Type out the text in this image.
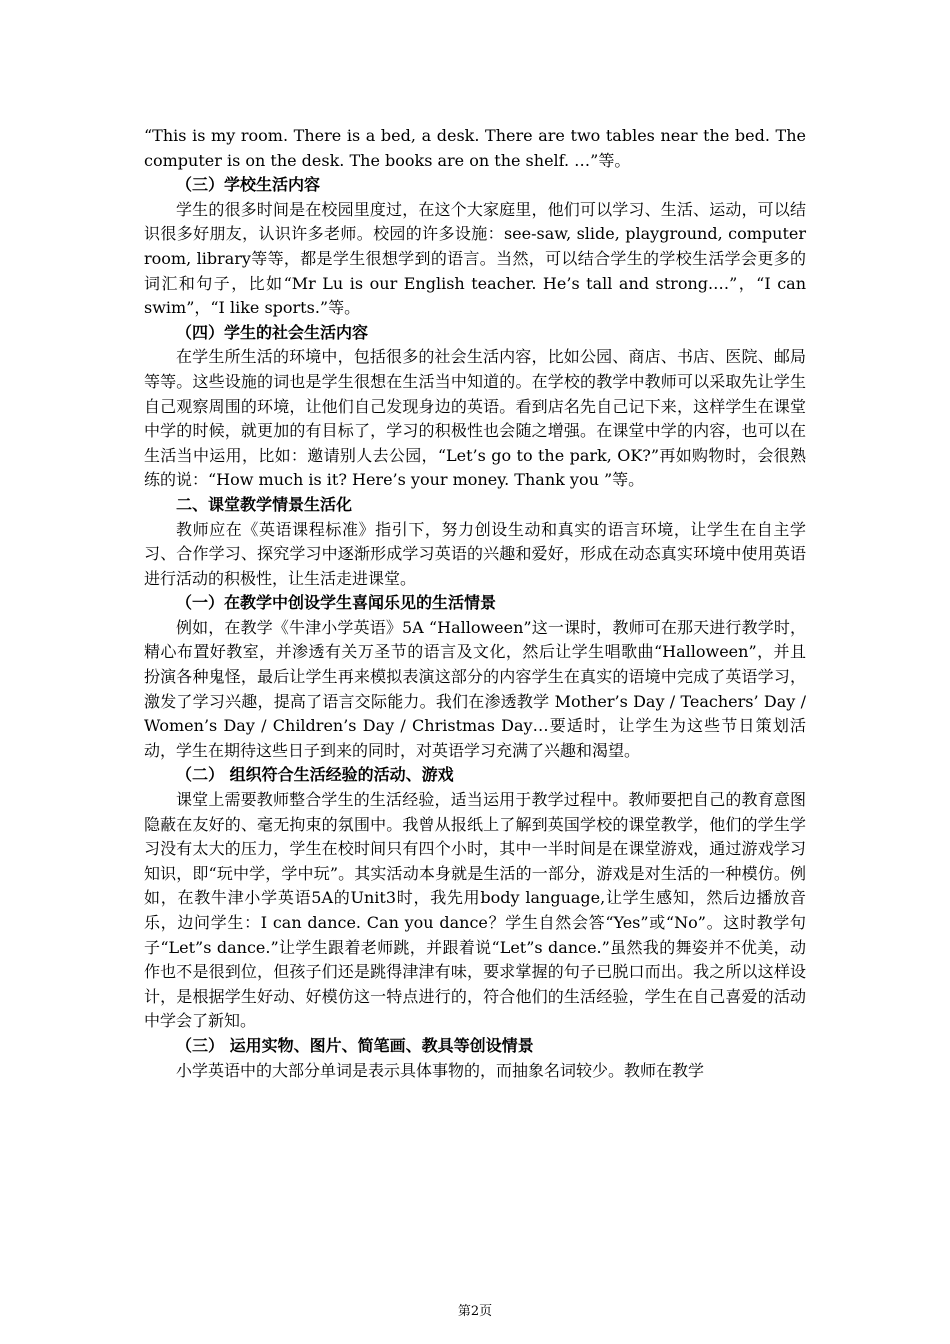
“This is my room. There is a bed, a desk. There are two tables near the bed. The computer is on the desk. The books are on the shelf. …”等。

（三）学校生活内容

学生的很多时间是在校园里度过，在这个大家庭里，他们可以学习、生活、运动，可以结识很多好朋友，认识许多老师。校园的许多设施：see-saw, slide, playground, computer room, library等等，都是学生很想学到的语言。当然，可以结合学生的学校生活学会更多的词汇和句子，比如“Mr Lu is our English teacher. He’s tall and strong.…”，“I can swim”，“I like sports.”等。

（四）学生的社会生活内容

在学生所生活的环境中，包括很多的社会生活内容，比如公园、商店、书店、医院、邮局等等。这些设施的词也是学生很想在生活当中知道的。在学校的教学中教师可以采取先让学生自己观察周围的环境，让他们自己发现身边的英语。看到店名先自己记下来，这样学生在课堂中学的时候，就更加的有目标了，学习的积极性也会随之增强。在课堂中学的内容，也可以在生活当中运用，比如：邀请别人去公园，“Let’s go to the park, OK?”再如购物时，会很熟练的说：“How much is it? Here’s your money. Thank you ”等。

二、课堂教学情景生活化

教师应在《英语课程标准》指引下，努力创设生动和真实的语言环境，让学生在自主学习、合作学习、探究学习中逐渐形成学习英语的兴趣和爱好，形成在动态真实环境中使用英语进行活动的积极性，让生活走进课堂。

（一）在教学中创设学生喜闻乐见的生活情景

例如，在教学《牛津小学英语》5A “Halloween”这一课时，教师可在那天进行教学时，精心布置好教室，并渗透有关万圣节的语言及文化，然后让学生唱歌曲“Halloween”，并且扮演各种鬼怪，最后让学生再来模拟表演这部分的内容学生在真实的语境中完成了英语学习，激发了学习兴趣，提高了语言交际能力。我们在渗透教学 Mother’s Day / Teachers’ Day / Women’s Day / Children’s Day / Christmas Day…要适时，让学生为这些节日策划活动，学生在期待这些日子到来的同时，对英语学习充满了兴趣和渴望。

（二） 组织符合生活经验的活动、游戏

课堂上需要教师整合学生的生活经验，适当运用于教学过程中。教师要把自己的教育意图隐蔽在友好的、毫无拘束的氛围中。我曾从报纸上了解到英国学校的课堂教学，他们的学生学习没有太大的压力，学生在校时间只有四个小时，其中一半时间是在课堂游戏，通过游戏学习知识，即“玩中学，学中玩”。其实活动本身就是生活的一部分，游戏是对生活的一种模仿。例如，在教牛津小学英语5A的Unit3时，我先用body language,让学生感知，然后边播放音乐，边问学生：I can dance. Can you dance？学生自然会答“Yes”或“No”。这时教学句子“Let”s dance.”让学生跟着老师跳，并跟着说“Let”s dance.”虽然我的舞姿并不优美，动作也不是很到位，但孩子们还是跳得津津有味，要求掌握的句子已脱口而出。我之所以这样设计，是根据学生好动、好模仿这一特点进行的，符合他们的生活经验，学生在自己喜爱的活动中学会了新知。

（三） 运用实物、图片、简笔画、教具等创设情景

小学英语中的大部分单词是表示具体事物的，而抽象名词较少。教师在教学

第2页
